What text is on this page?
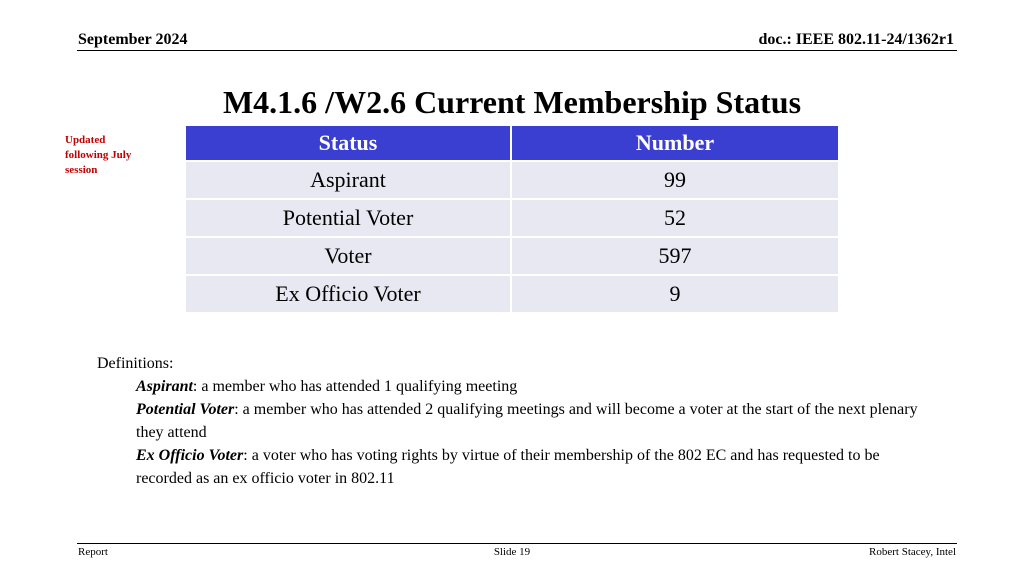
September 2024	doc.: IEEE 802.11-24/1362r1
M4.1.6 /W2.6 Current Membership Status
Updated
following July
session
Status	Number
Aspirant	99
Potential Voter	52
Voter	597
Ex Officio Voter	9
Definitions:
Aspirant: a member who has attended 1 qualifying meeting
Potential Voter: a member who has attended 2 qualifying meetings and will become a voter at the start of the next plenary they attend
Ex Officio Voter: a voter who has voting rights by virtue of their membership of the 802 EC and has requested to be recorded as an ex officio voter in 802.11
Report	Slide 19	Robert Stacey, Intel
